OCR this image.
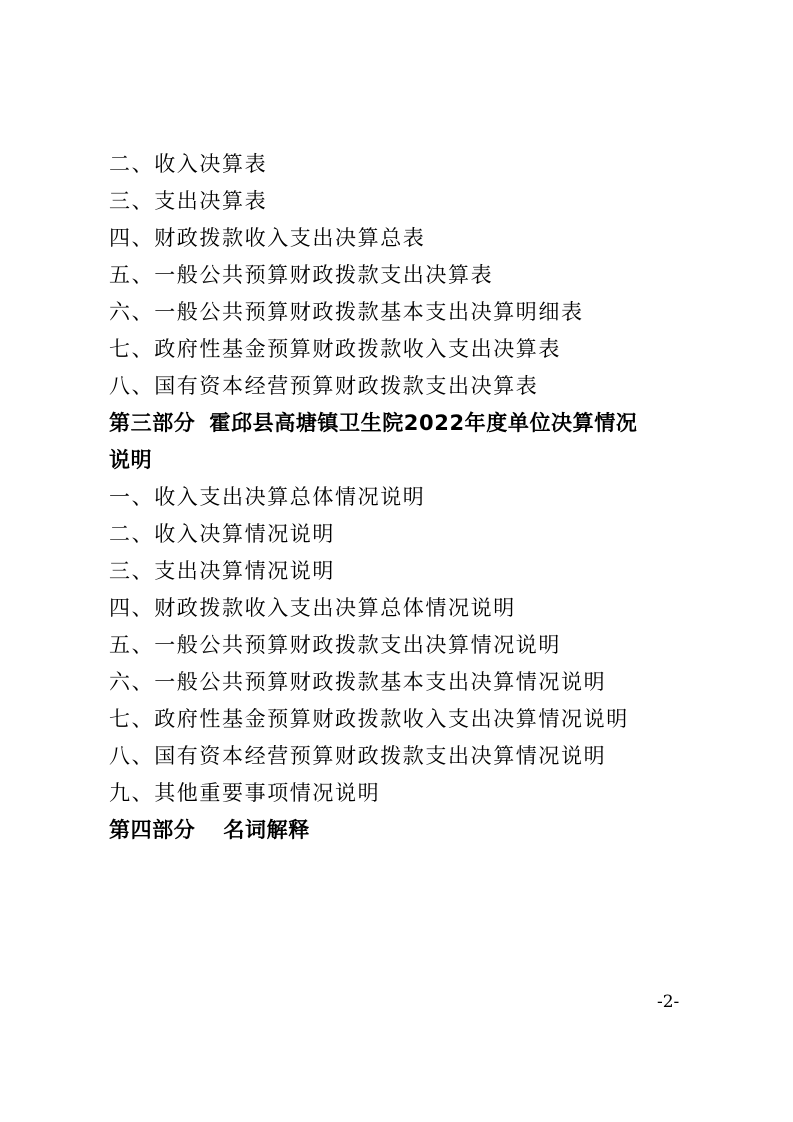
二、收入决算表
三、支出决算表
四、财政拨款收入支出决算总表
五、一般公共预算财政拨款支出决算表
六、一般公共预算财政拨款基本支出决算明细表
七、政府性基金预算财政拨款收入支出决算表
八、国有资本经营预算财政拨款支出决算表
第三部分 霍邱县高塘镇卫生院2022年度单位决算情况
说明
一、收入支出决算总体情况说明
二、收入决算情况说明
三、支出决算情况说明
四、财政拨款收入支出决算总体情况说明
五、一般公共预算财政拨款支出决算情况说明
六、一般公共预算财政拨款基本支出决算情况说明
七、政府性基金预算财政拨款收入支出决算情况说明
八、国有资本经营预算财政拨款支出决算情况说明
九、其他重要事项情况说明
第四部分 名词解释
-2-
